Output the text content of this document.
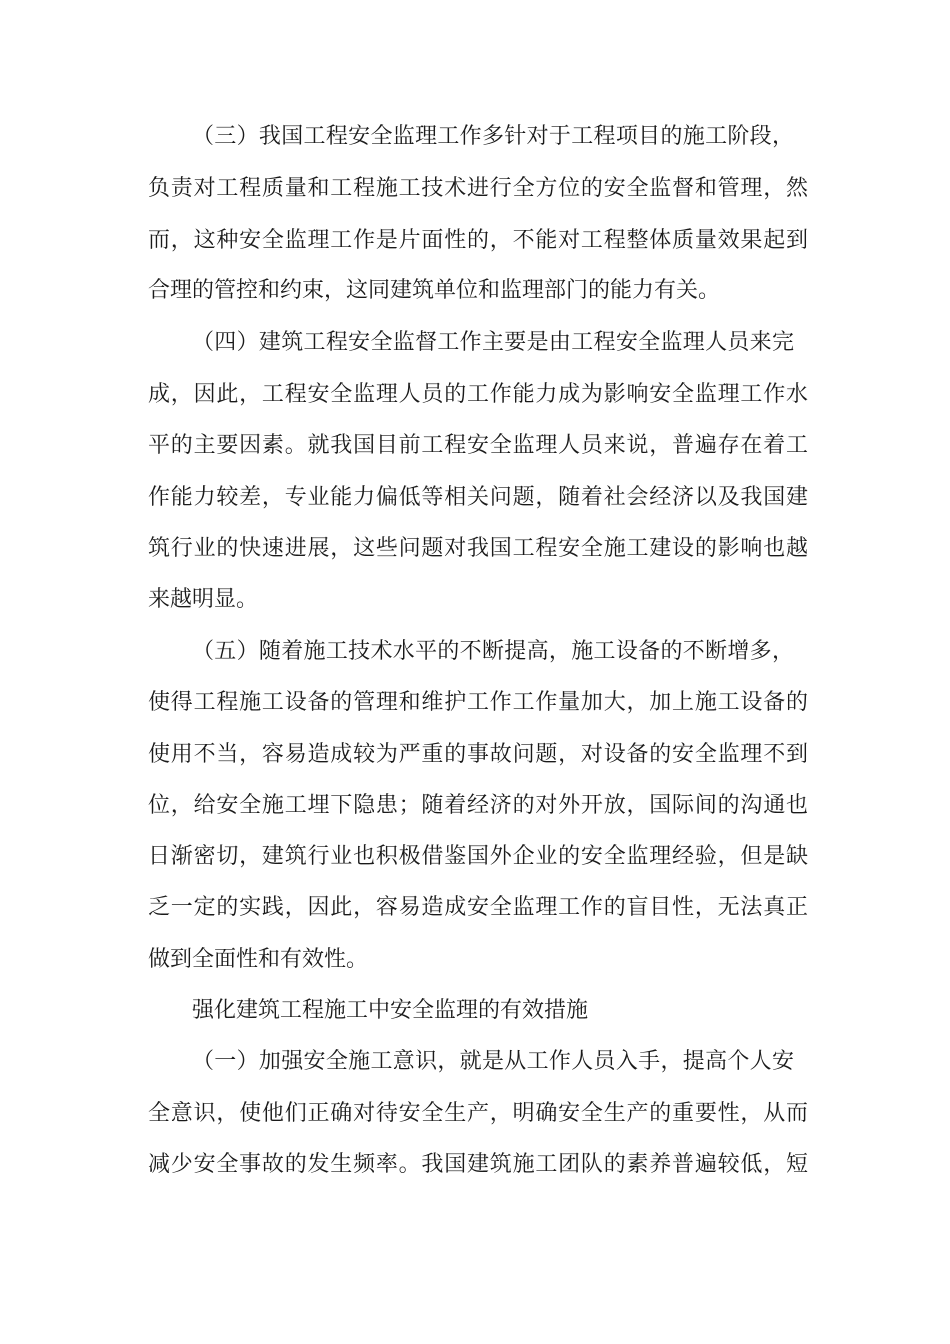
（三）我国工程安全监理工作多针对于工程项目的施工阶段，
负责对工程质量和工程施工技术进行全方位的安全监督和管理，然
而，这种安全监理工作是片面性的，不能对工程整体质量效果起到
合理的管控和约束，这同建筑单位和监理部门的能力有关。
（四）建筑工程安全监督工作主要是由工程安全监理人员来完
成，因此，工程安全监理人员的工作能力成为影响安全监理工作水
平的主要因素。就我国目前工程安全监理人员来说，普遍存在着工
作能力较差，专业能力偏低等相关问题，随着社会经济以及我国建
筑行业的快速进展，这些问题对我国工程安全施工建设的影响也越
来越明显。
（五）随着施工技术水平的不断提高，施工设备的不断增多，
使得工程施工设备的管理和维护工作工作量加大，加上施工设备的
使用不当，容易造成较为严重的事故问题，对设备的安全监理不到
位，给安全施工埋下隐患；随着经济的对外开放，国际间的沟通也
日渐密切，建筑行业也积极借鉴国外企业的安全监理经验，但是缺
乏一定的实践，因此，容易造成安全监理工作的盲目性，无法真正
做到全面性和有效性。
强化建筑工程施工中安全监理的有效措施
（一）加强安全施工意识，就是从工作人员入手，提高个人安
全意识，使他们正确对待安全生产，明确安全生产的重要性，从而
减少安全事故的发生频率。我国建筑施工团队的素养普遍较低，短
